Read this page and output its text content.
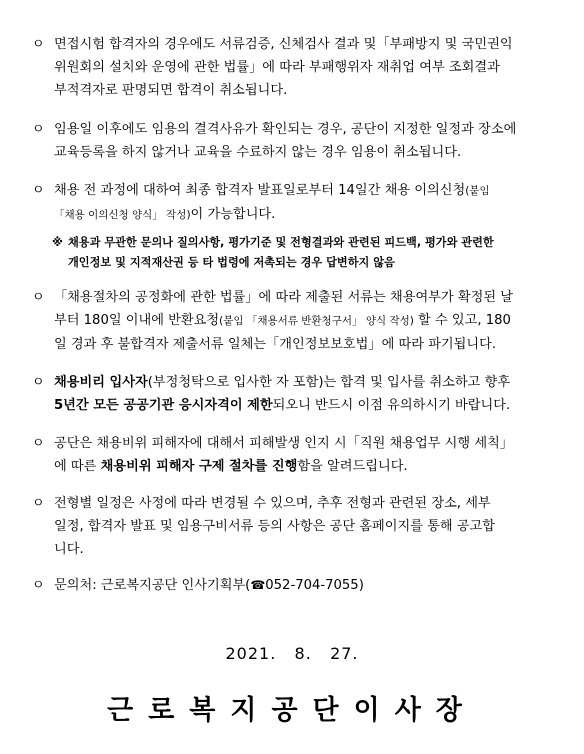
ㅇ 면접시험 합격자의 경우에도 서류검증, 신체검사 결과 및「부패방지 및 국민권익
위원회의 설치와 운영에 관한 법률」에 따라 부패행위자 재취업 여부 조회결과
부적격자로 판명되면 합격이 취소됩니다.
ㅇ 임용일 이후에도 임용의 결격사유가 확인되는 경우, 공단이 지정한 일정과 장소에
교육등록을 하지 않거나 교육을 수료하지 않는 경우 임용이 취소됩니다.
ㅇ 채용 전 과정에 대하여 최종 합격자 발표일로부터 14일간 채용 이의신청(붙임
「채용 이의신청 양식」 작성)이 가능합니다.
※ 채용과 무관한 문의나 질의사항, 평가기준 및 전형결과와 관련된 피드백, 평가와 관련한
개인정보 및 지적재산권 등 타 법령에 저촉되는 경우 답변하지 않음
ㅇ 「채용절차의 공정화에 관한 법률」에 따라 제출된 서류는 채용여부가 확정된 날
부터 180일 이내에 반환요청(붙임 「채용서류 반환청구서」 양식 작성) 할 수 있고, 180
일 경과 후 불합격자 제출서류 일체는「개인정보보호법」에 따라 파기됩니다.
ㅇ 채용비리 입사자(부정청탁으로 입사한 자 포함)는 합격 및 입사를 취소하고 향후
5년간 모든 공공기관 응시자격이 제한되오니 반드시 이점 유의하시기 바랍니다.
ㅇ 공단은 채용비위 피해자에 대해서 피해발생 인지 시「직원 채용업무 시행 세칙」
에 따른 채용비위 피해자 구제 절차를 진행함을 알려드립니다.
ㅇ 전형별 일정은 사정에 따라 변경될 수 있으며, 추후 전형과 관련된 장소, 세부
일정, 합격자 발표 및 임용구비서류 등의 사항은 공단 홈페이지를 통해 공고합
니다.
ㅇ 문의처: 근로복지공단 인사기획부(☎052-704-7055)
2021.   8.   27.
근로복지공단이사장
